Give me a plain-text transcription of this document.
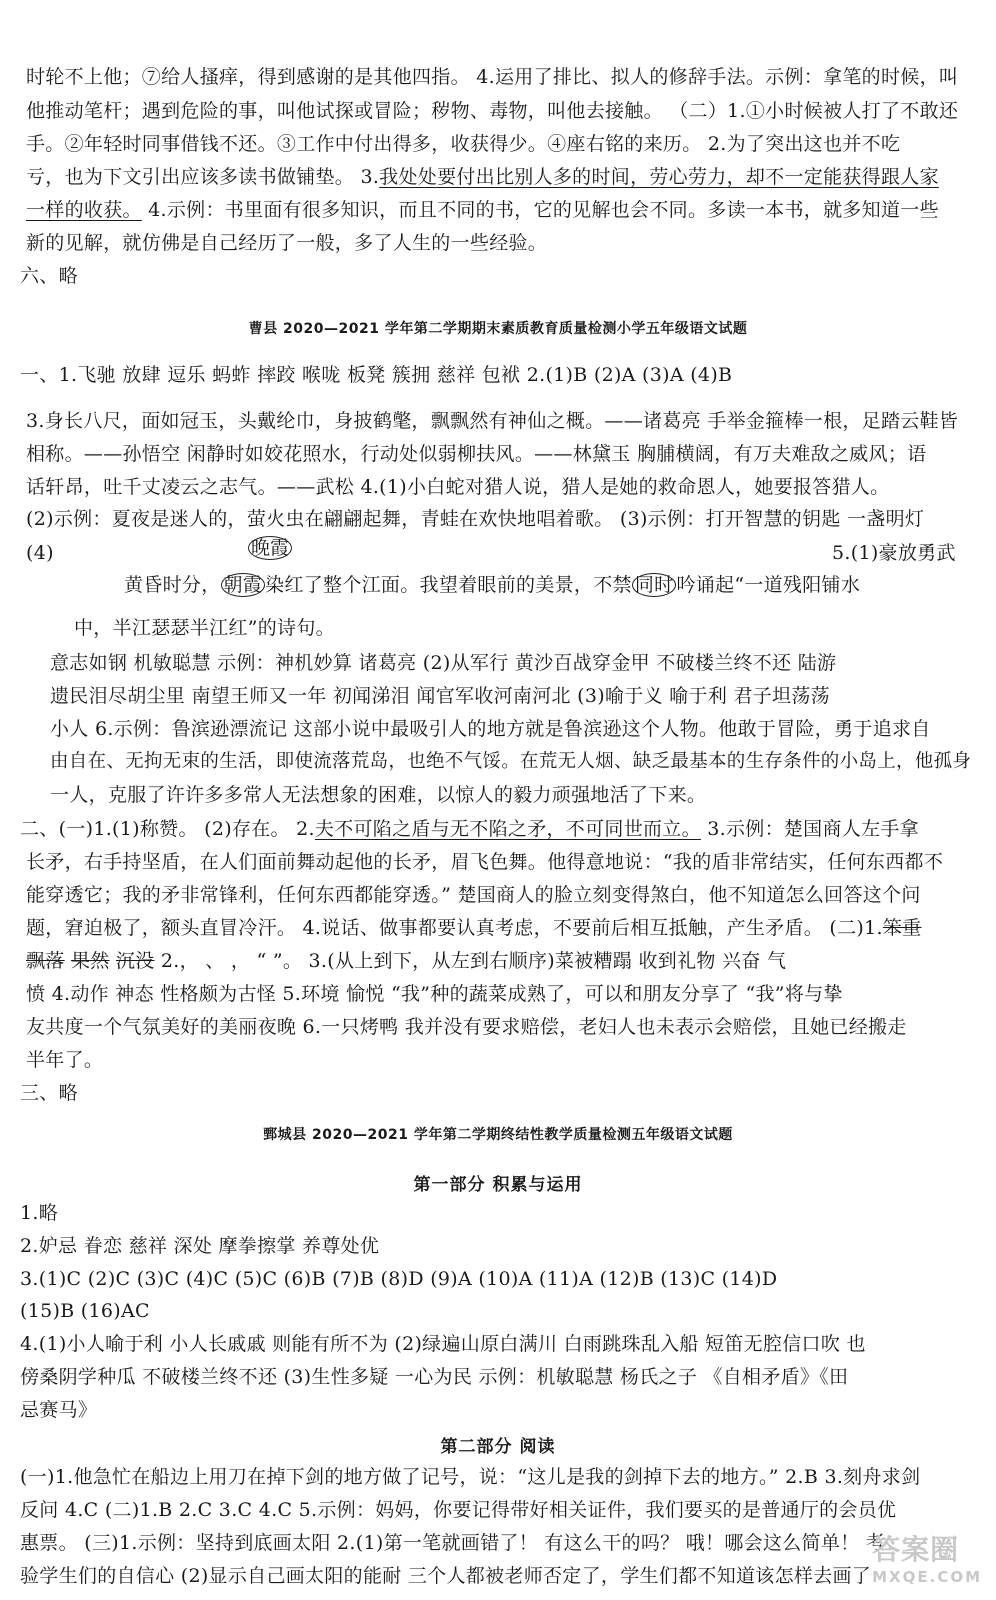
时轮不上他；⑦给人搔痒，得到感谢的是其他四指。 4.运用了排比、拟人的修辞手法。示例：拿笔的时候，叫
他推动笔杆；遇到危险的事，叫他试探或冒险；秽物、毒物，叫他去接触。 （二）1.①小时候被人打了不敢还
手。②年轻时同事借钱不还。③工作中付出得多，收获得少。④座右铭的来历。 2.为了突出这也并不吃
亏，也为下文引出应该多读书做铺垫。 3.我处处要付出比别人多的时间，劳心劳力，却不一定能获得跟人家
一样的收获。 4.示例：书里面有很多知识，而且不同的书，它的见解也会不同。多读一本书，就多知道一些
新的见解，就仿佛是自己经历了一般，多了人生的一些经验。
六、略
曹县 2020—2021 学年第二学期期末素质教育质量检测小学五年级语文试题
一、1.飞驰 放肆 逗乐 蚂蚱 摔跤 喉咙 板凳 簇拥 慈祥 包袱 2.(1)B (2)A (3)A (4)B
3.身长八尺，面如冠玉，头戴纶巾，身披鹤氅，飘飘然有神仙之概。——诸葛亮 手举金箍棒一根，足踏云鞋皆
相称。——孙悟空 闲静时如姣花照水，行动处似弱柳扶风。——林黛玉 胸脯横阔，有万夫难敌之威风；语
话轩昂，吐千丈凌云之志气。——武松 4.(1)小白蛇对猎人说，猎人是她的救命恩人，她要报答猎人。
(2)示例：夏夜是迷人的，萤火虫在翩翩起舞，青蛙在欢快地唱着歌。 (3)示例：打开智慧的钥匙 一盏明灯
(4)	5.(1)豪放勇武
晚霞
黄昏时分， 朝霞 染红了整个江面。我望着眼前的美景，不禁 同时 吟诵起“一道残阳铺水
中，半江瑟瑟半江红”的诗句。
意志如钢 机敏聪慧 示例：神机妙算 诸葛亮 (2)从军行 黄沙百战穿金甲 不破楼兰终不还 陆游
遗民泪尽胡尘里 南望王师又一年 初闻涕泪 闻官军收河南河北 (3)喻于义 喻于利 君子坦荡荡
小人 6.示例：鲁滨逊漂流记 这部小说中最吸引人的地方就是鲁滨逊这个人物。他敢于冒险，勇于追求自
由自在、无拘无束的生活，即使流落荒岛，也绝不气馁。在荒无人烟、缺乏最基本的生存条件的小岛上，他孤身
一人，克服了许许多多常人无法想象的困难，以惊人的毅力顽强地活了下来。
二、(一)1.(1)称赞。 (2)存在。 2.夫不可陷之盾与无不陷之矛，不可同世而立。 3.示例：楚国商人左手拿
长矛，右手持坚盾，在人们面前舞动起他的长矛，眉飞色舞。他得意地说：“我的盾非常结实，任何东西都不
能穿透它；我的矛非常锋利，任何东西都能穿透。” 楚国商人的脸立刻变得煞白，他不知道怎么回答这个问
题，窘迫极了，额头直冒冷汗。 4.说话、做事都要认真考虑，不要前后相互抵触，产生矛盾。 (二)1.笨重
飘落 果然 沉没 2.， 、 ， “ ”。 3.(从上到下，从左到右顺序)菜被糟蹋 收到礼物 兴奋 气
愤 4.动作 神态 性格颇为古怪 5.环境 愉悦 “我”种的蔬菜成熟了，可以和朋友分享了 “我”将与挚
友共度一个气氛美好的美丽夜晚 6.一只烤鸭 我并没有要求赔偿，老妇人也未表示会赔偿，且她已经搬走
半年了。
三、略
鄄城县 2020—2021 学年第二学期终结性教学质量检测五年级语文试题
第一部分 积累与运用
1.略
2.妒忌 眷恋 慈祥 深处 摩拳擦掌 养尊处优
3.(1)C (2)C (3)C (4)C (5)C (6)B (7)B (8)D (9)A (10)A (11)A (12)B (13)C (14)D
(15)B (16)AC
4.(1)小人喻于利 小人长戚戚 则能有所不为 (2)绿遍山原白满川 白雨跳珠乱入船 短笛无腔信口吹 也
傍桑阴学种瓜 不破楼兰终不还 (3)生性多疑 一心为民 示例：机敏聪慧 杨氏之子 《自相矛盾》《田
忌赛马》
第二部分 阅读
(一)1.他急忙在船边上用刀在掉下剑的地方做了记号，说：“这儿是我的剑掉下去的地方。” 2.B 3.刻舟求剑
反问 4.C (二)1.B 2.C 3.C 4.C 5.示例：妈妈，你要记得带好相关证件，我们要买的是普通厅的会员优
惠票。 (三)1.示例：坚持到底画太阳 2.(1)第一笔就画错了！ 有这么干的吗？ 哦！哪会这么简单！ 考
验学生们的自信心 (2)显示自己画太阳的能耐 三个人都被老师否定了，学生们都不知道该怎样去画了
答案圈
MXQE.COM
